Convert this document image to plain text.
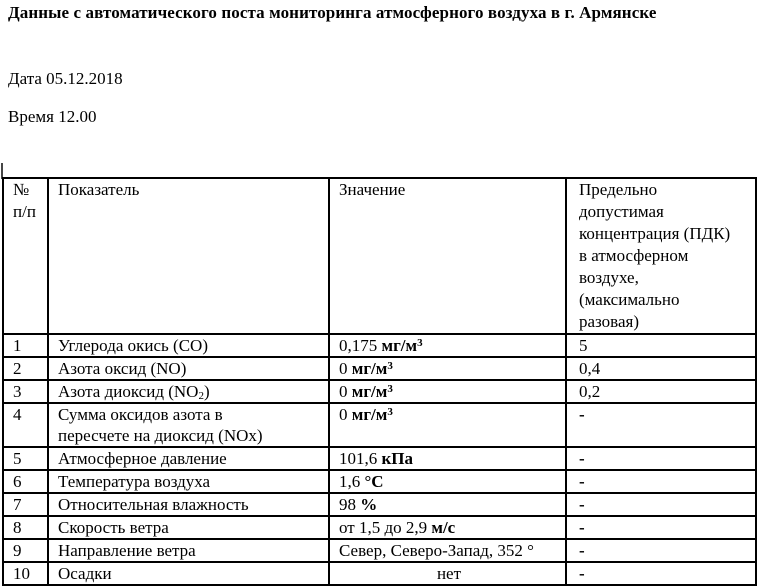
Данные с автоматического поста мониторинга атмосферного воздуха в г. Армянске
Дата 05.12.2018
Время 12.00
№
п/п	Показатель	Значение	Предельно
допустимая
концентрация (ПДК)
в атмосферном
воздухе,
(максимально
разовая)
1	Углерода окись (CO)	0,175 $мг/м^3$	5
2	Азота оксид (NO)	0 $мг/м^3$	0,4
3	Азота диоксид $(NO_2)$	0 $мг/м^3$	0,2
4	Сумма оксидов азота в
пересчете на диоксид (NOx)	0 $мг/м^3$	-
5	Атмосферное давление	101,6 кПа	-
6	Температура воздуха	1,6 °С	-
7	Относительная влажность	98 %	-
8	Скорость ветра	от 1,5 до 2,9 м/с	-
9	Направление ветра	Север, Северо-Запад, 352 °	-
10	Осадки	нет	-
